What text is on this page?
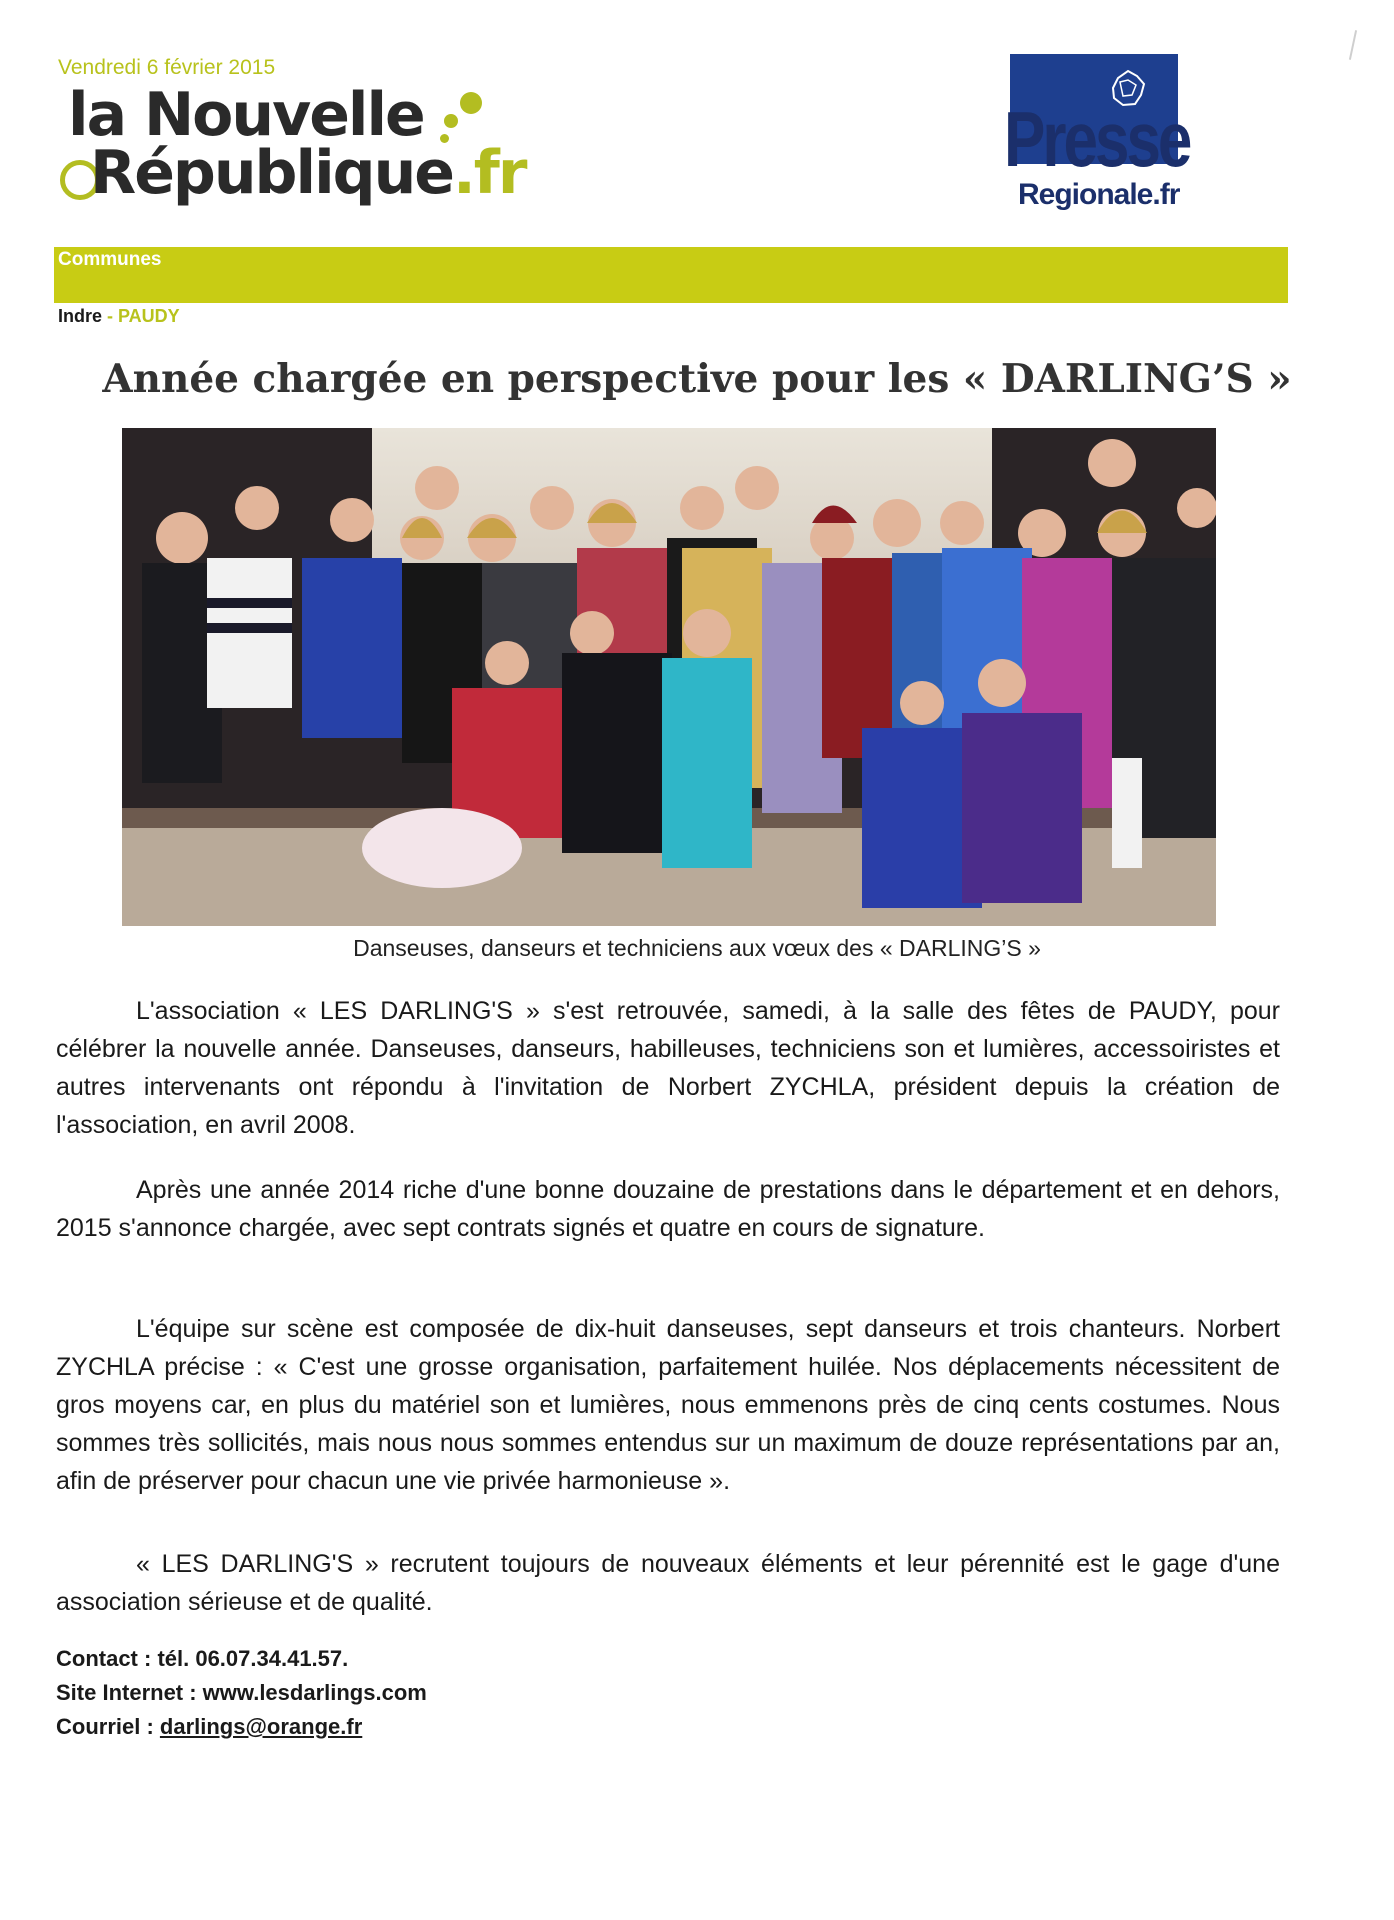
Vendredi 6 février 2015
la Nouvelle
République.fr	Presse
Regionale.fr
Communes
Indre - PAUDY
Année chargée en perspective pour les « DARLING’S »
Danseuses, danseurs et techniciens aux vœux des « DARLING’S »

L'association « LES DARLING'S » s'est retrouvée, samedi, à la salle des fêtes de PAUDY, pour célébrer la nouvelle année. Danseuses, danseurs, habilleuses, techniciens son et lumières, accessoiristes et autres intervenants ont répondu à l'invitation de Norbert ZYCHLA, président depuis la création de l'association, en avril 2008.

Après une année 2014 riche d'une bonne douzaine de prestations dans le département et en dehors, 2015 s'annonce chargée, avec sept contrats signés et quatre en cours de signature.

L'équipe sur scène est composée de dix-huit danseuses, sept danseurs et trois chanteurs. Norbert ZYCHLA précise : « C'est une grosse organisation, parfaitement huilée. Nos déplacements nécessitent de gros moyens car, en plus du matériel son et lumières, nous emmenons près de cinq cents costumes. Nous sommes très sollicités, mais nous nous sommes entendus sur un maximum de douze représentations par an, afin de préserver pour chacun une vie privée harmonieuse ».

« LES DARLING'S » recrutent toujours de nouveaux éléments et leur pérennité est le gage d'une association sérieuse et de qualité.

Contact : tél. 06.07.34.41.57.
Site Internet : www.lesdarlings.com
Courriel : darlings@orange.fr
